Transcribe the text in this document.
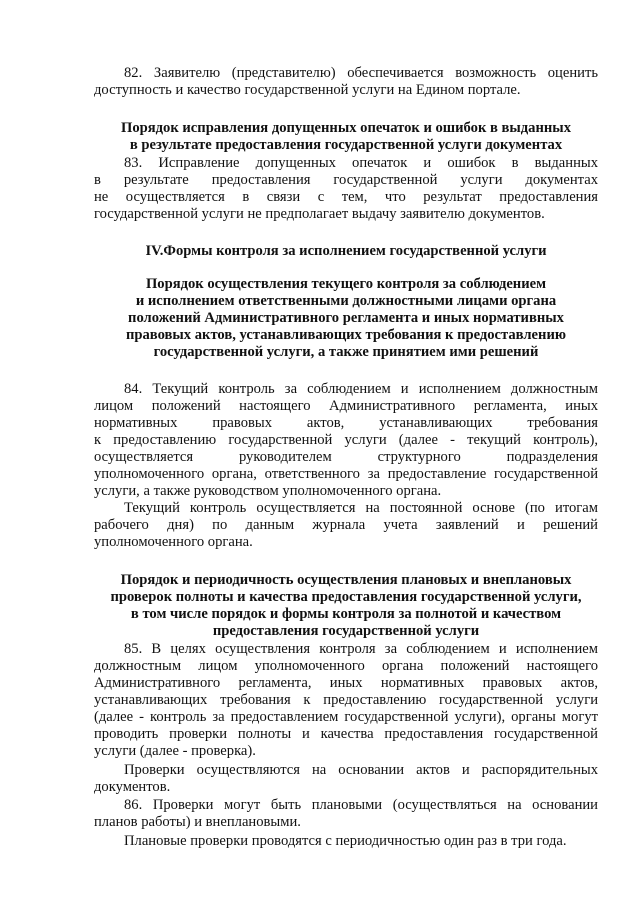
82. Заявителю (представителю) обеспечивается возможность оценить
доступность и качество государственной услуги на Едином портале.
Порядок исправления допущенных опечаток и ошибок в выданных
в результате предоставления государственной услуги документах
83. Исправление допущенных опечаток и ошибок в выданных
в результате предоставления государственной услуги документах
не осуществляется в связи с тем, что результат предоставления
государственной услуги не предполагает выдачу заявителю документов.
IV.Формы контроля за исполнением государственной услуги
Порядок осуществления текущего контроля за соблюдением
и исполнением ответственными должностными лицами органа
положений Административного регламента и иных нормативных
правовых актов, устанавливающих требования к предоставлению
государственной услуги, а также принятием ими решений
84. Текущий контроль за соблюдением и исполнением должностным
лицом положений настоящего Административного регламента, иных
нормативных правовых актов, устанавливающих требования
к предоставлению государственной услуги (далее - текущий контроль),
осуществляется руководителем структурного подразделения
уполномоченного органа, ответственного за предоставление государственной
услуги, а также руководством уполномоченного органа.
Текущий контроль осуществляется на постоянной основе (по итогам
рабочего дня) по данным журнала учета заявлений и решений
уполномоченного органа.
Порядок и периодичность осуществления плановых и внеплановых
проверок полноты и качества предоставления государственной услуги,
в том числе порядок и формы контроля за полнотой и качеством
предоставления государственной услуги
85. В целях осуществления контроля за соблюдением и исполнением
должностным лицом уполномоченного органа положений настоящего
Административного регламента, иных нормативных правовых актов,
устанавливающих требования к предоставлению государственной услуги
(далее - контроль за предоставлением государственной услуги), органы могут
проводить проверки полноты и качества предоставления государственной
услуги (далее - проверка).
Проверки осуществляются на основании актов и распорядительных
документов.
86. Проверки могут быть плановыми (осуществляться на основании
планов работы) и внеплановыми.
Плановые проверки проводятся с периодичностью один раз в три года.
